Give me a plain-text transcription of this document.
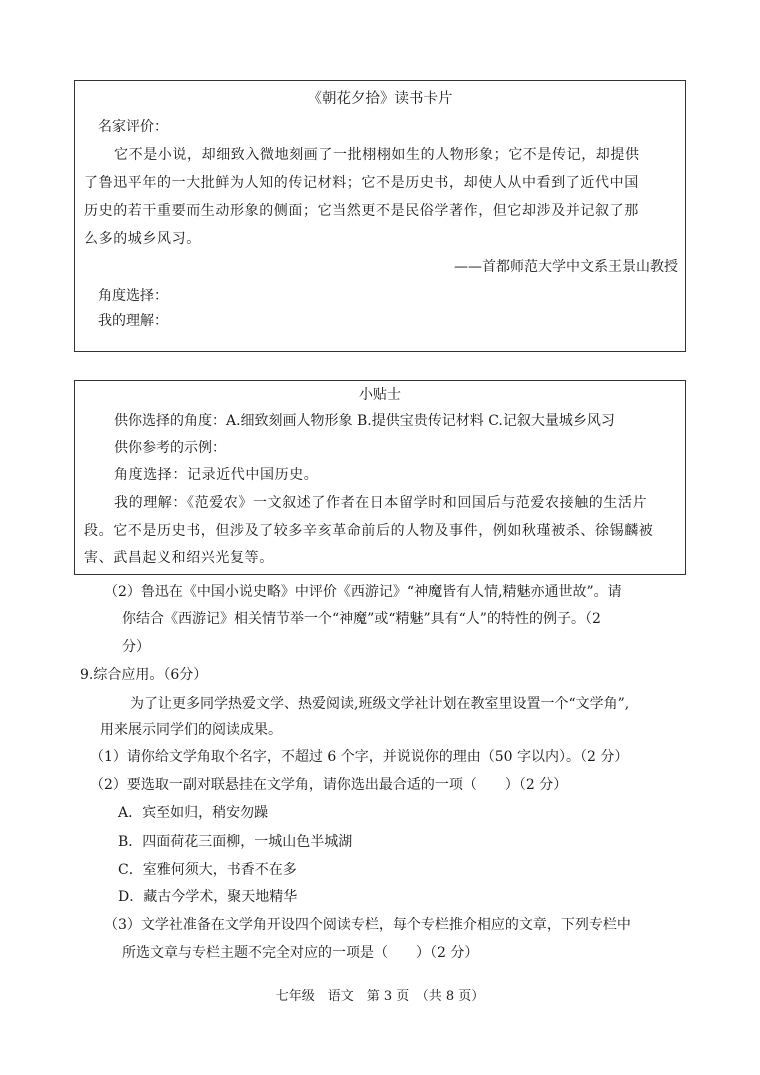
《朝花夕拾》读书卡片
名家评价：
它不是小说，却细致入微地刻画了一批栩栩如生的人物形象；它不是传记，却提供
了鲁迅平年的一大批鲜为人知的传记材料；它不是历史书，却使人从中看到了近代中国
历史的若干重要而生动形象的侧面；它当然更不是民俗学著作，但它却涉及并记叙了那
么多的城乡风习。
——首都师范大学中文系王景山教授
角度选择：
我的理解：
小贴士
供你选择的角度：A.细致刻画人物形象 B.提供宝贵传记材料 C.记叙大量城乡风习
供你参考的示例：
角度选择：记录近代中国历史。
我的理解：《范爱农》一文叙述了作者在日本留学时和回国后与范爱农接触的生活片
段。它不是历史书，但涉及了较多辛亥革命前后的人物及事件，例如秋瑾被杀、徐锡麟被
害、武昌起义和绍兴光复等。
（2）鲁迅在《中国小说史略》中评价《西游记》“神魔皆有人情,精魅亦通世故”。请
你结合《西游记》相关情节举一个“神魔”或“精魅”具有“人”的特性的例子。（2
分）
9.综合应用。（6分）
为了让更多同学热爱文学、热爱阅读,班级文学社计划在教室里设置一个“文学角”,
用来展示同学们的阅读成果。
（1）请你给文学角取个名字，不超过 6 个字，并说说你的理由（50 字以内）。（2 分）
（2）要选取一副对联悬挂在文学角，请你选出最合适的一项（　　）（2 分）
A．宾至如归，稍安勿躁
B．四面荷花三面柳，一城山色半城湖
C．室雅何须大，书香不在多
D．藏古今学术，聚天地精华
（3）文学社准备在文学角开设四个阅读专栏，每个专栏推介相应的文章，下列专栏中
所选文章与专栏主题不完全对应的一项是（　　）（2 分）
七年级　语文　第 3 页　（共 8 页）
